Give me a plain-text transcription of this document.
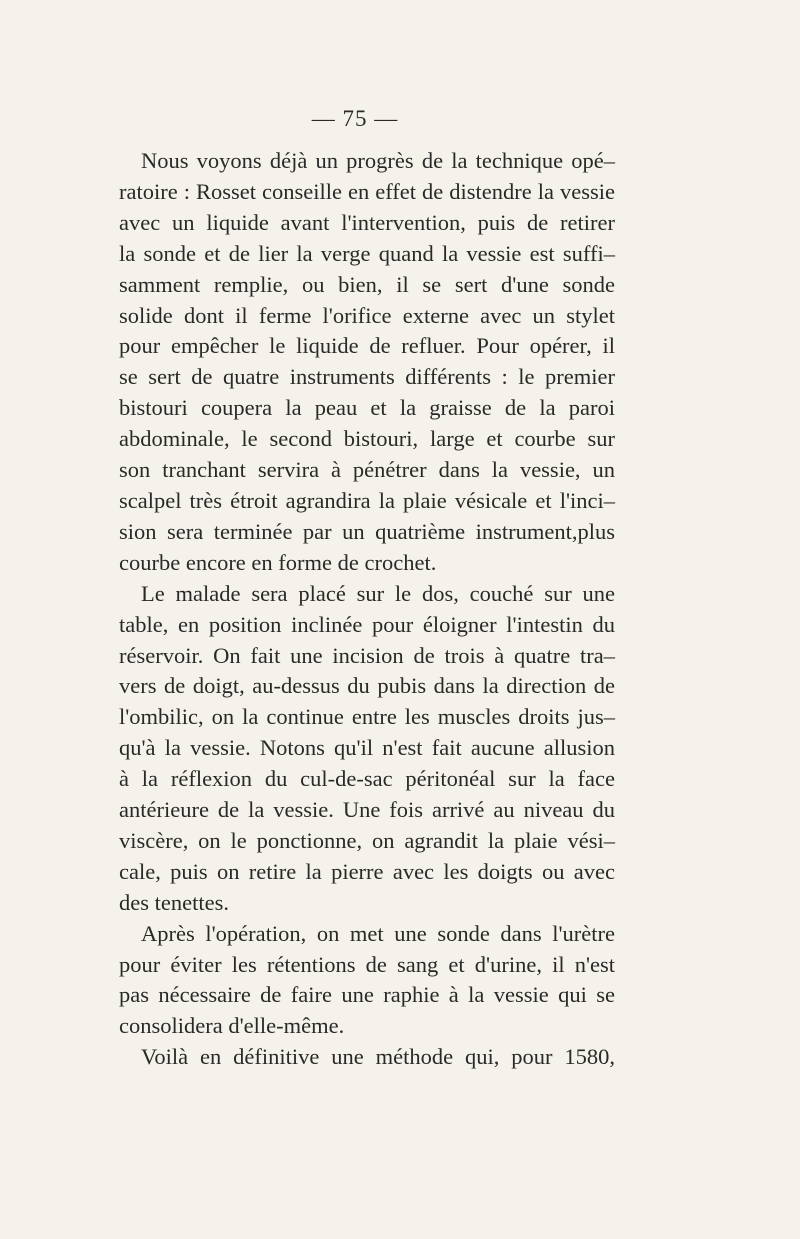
— 75 —
Nous voyons déjà un progrès de la technique opé–
ratoire : Rosset conseille en effet de distendre la vessie
avec un liquide avant l'intervention, puis de retirer
la sonde et de lier la verge quand la vessie est suffi–
samment remplie, ou bien, il se sert d'une sonde
solide dont il ferme l'orifice externe avec un stylet
pour empêcher le liquide de refluer. Pour opérer, il
se sert de quatre instruments différents : le premier
bistouri coupera la peau et la graisse de la paroi
abdominale, le second bistouri, large et courbe sur
son tranchant servira à pénétrer dans la vessie, un
scalpel très étroit agrandira la plaie vésicale et l'inci–
sion sera terminée par un quatrième instrument,plus
courbe encore en forme de crochet.
Le malade sera placé sur le dos, couché sur une
table, en position inclinée pour éloigner l'intestin du
réservoir. On fait une incision de trois à quatre tra–
vers de doigt, au-dessus du pubis dans la direction de
l'ombilic, on la continue entre les muscles droits jus–
qu'à la vessie. Notons qu'il n'est fait aucune allusion
à la réflexion du cul-de-sac péritonéal sur la face
antérieure de la vessie. Une fois arrivé au niveau du
viscère, on le ponctionne, on agrandit la plaie vési–
cale, puis on retire la pierre avec les doigts ou avec
des tenettes.
Après l'opération, on met une sonde dans l'urètre
pour éviter les rétentions de sang et d'urine, il n'est
pas nécessaire de faire une raphie à la vessie qui se
consolidera d'elle-même.
Voilà en définitive une méthode qui, pour 1580,
